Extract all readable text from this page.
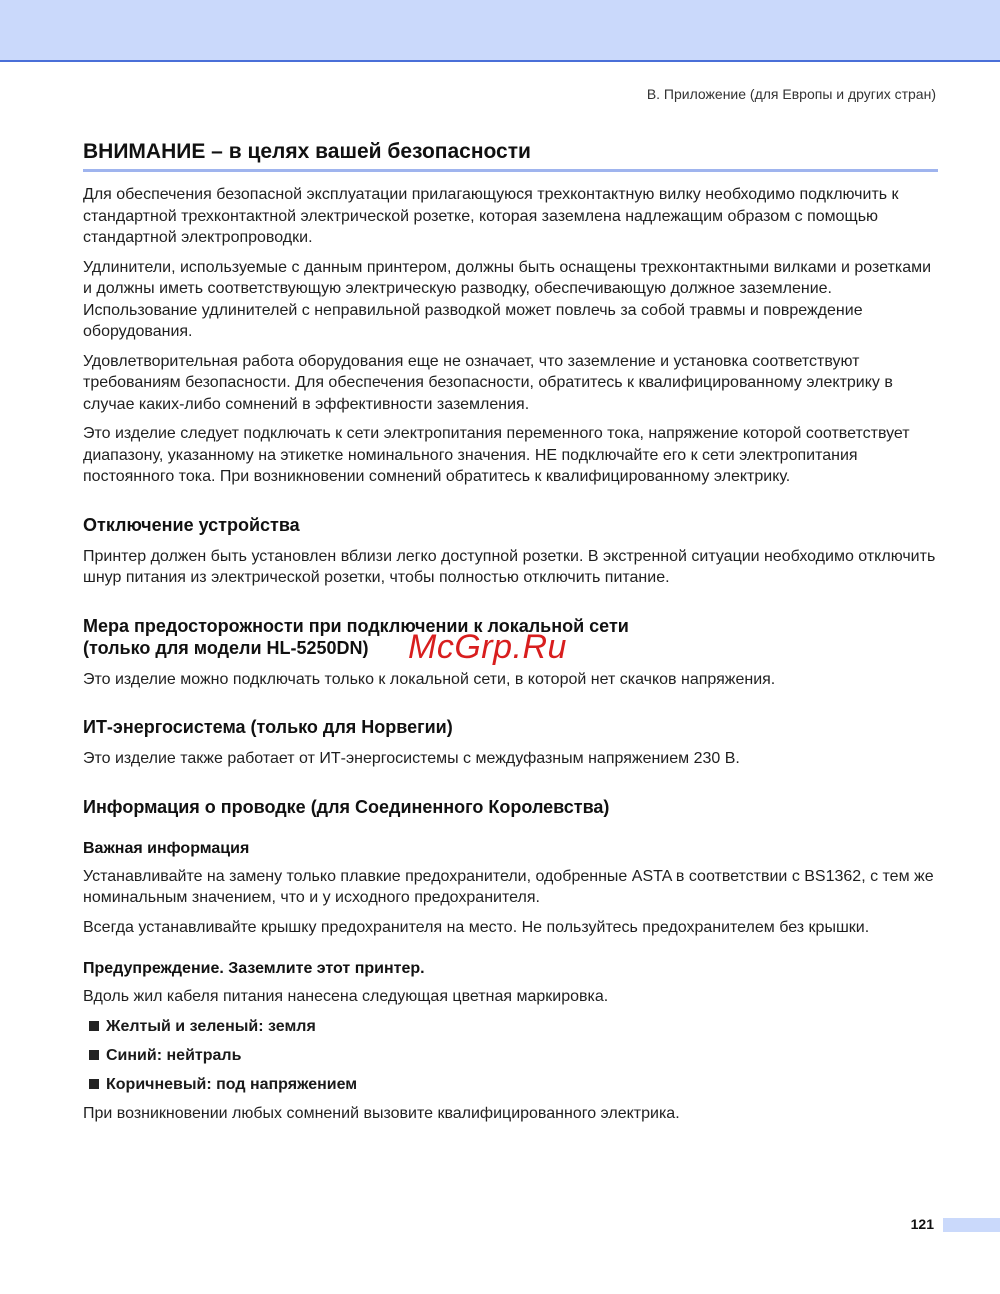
B. Приложение (для Европы и других стран)
ВНИМАНИЕ – в целях вашей безопасности

Для обеспечения безопасной эксплуатации прилагающуюся трехконтактную вилку необходимо подключить к стандартной трехконтактной электрической розетке, которая заземлена надлежащим образом с помощью стандартной электропроводки.

Удлинители, используемые с данным принтером, должны быть оснащены трехконтактными вилками и розетками и должны иметь соответствующую электрическую разводку, обеспечивающую должное заземление. Использование удлинителей с неправильной разводкой может повлечь за собой травмы и повреждение оборудования.

Удовлетворительная работа оборудования еще не означает, что заземление и установка соответствуют требованиям безопасности. Для обеспечения безопасности, обратитесь к квалифицированному электрику в случае каких-либо сомнений в эффективности заземления.

Это изделие следует подключать к сети электропитания переменного тока, напряжение которой соответствует диапазону, указанному на этикетке номинального значения. НЕ подключайте его к сети электропитания постоянного тока. При возникновении сомнений обратитесь к квалифицированному электрику.

Отключение устройства

Принтер должен быть установлен вблизи легко доступной розетки. В экстренной ситуации необходимо отключить шнур питания из электрической розетки, чтобы полностью отключить питание.

Мера предосторожности при подключении к локальной сети
(только для модели HL-5250DN)

Это изделие можно подключать только к локальной сети, в которой нет скачков напряжения.

ИТ-энергосистема (только для Норвегии)

Это изделие также работает от ИТ-энергосистемы с междуфазным напряжением 230 В.

Информация о проводке (для Соединенного Королевства)
Важная информация

Устанавливайте на замену только плавкие предохранители, одобренные ASTA в соответствии с BS1362, с тем же номинальным значением, что и у исходного предохранителя.

Всегда устанавливайте крышку предохранителя на место. Не пользуйтесь предохранителем без крышки.

Предупреждение. Заземлите этот принтер.

Вдоль жил кабеля питания нанесена следующая цветная маркировка.

Желтый и зеленый: земля
Синий: нейтраль
Коричневый: под напряжением

При возникновении любых сомнений вызовите квалифицированного электрика.

McGrp.Ru
121
